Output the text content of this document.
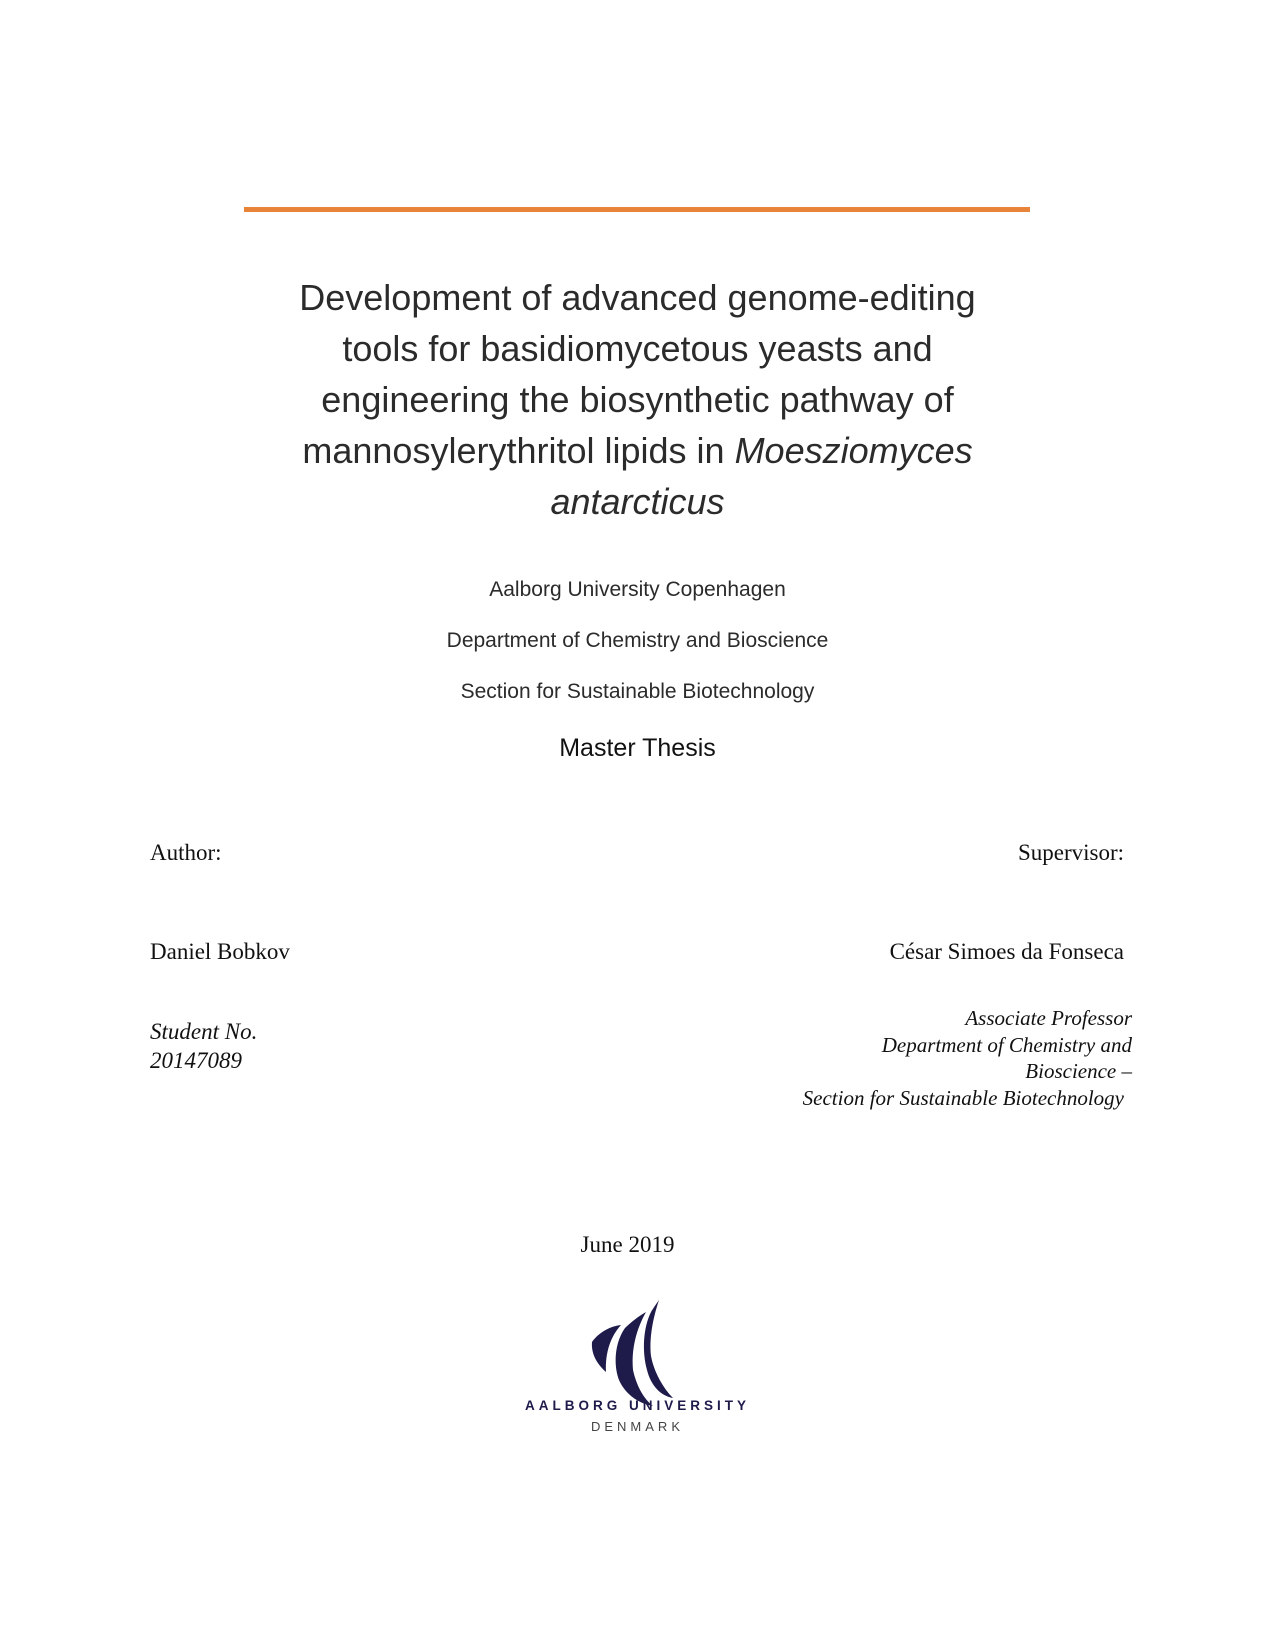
Development of advanced genome-editing
tools for basidiomycetous yeasts and
engineering the biosynthetic pathway of
mannosylerythritol lipids in Moesziomyces
antarcticus
Aalborg University Copenhagen
Department of Chemistry and Bioscience
Section for Sustainable Biotechnology
Master Thesis
Author:	Supervisor:
Daniel Bobkov	César Simoes da Fonseca
Student No.
20147089
Associate Professor
Department of Chemistry and
Bioscience –
Section for Sustainable Biotechnology
June 2019
AALBORG UNIVERSITY
DENMARK
